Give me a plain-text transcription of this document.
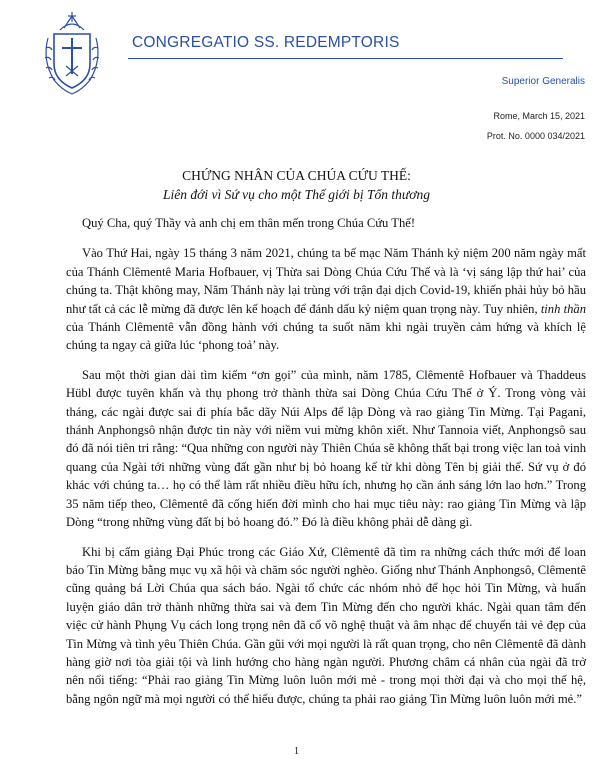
CONGREGATIO SS. REDEMPTORIS
Superior Generalis
Rome, March 15, 2021
Prot. No. 0000 034/2021
CHỨNG NHÂN CỦA CHÚA CỨU THẾ:
Liên đới vì Sứ vụ cho một Thế giới bị Tổn thương

Quý Cha, quý Thầy và anh chị em thân mến trong Chúa Cứu Thế!

Vào Thứ Hai, ngày 15 tháng 3 năm 2021, chúng ta bế mạc Năm Thánh kỷ niệm 200 năm ngày mất của Thánh Clêmentê Maria Hofbauer, vị Thừa sai Dòng Chúa Cứu Thế và là ‘vị sáng lập thứ hai’ của chúng ta. Thật không may, Năm Thánh này lại trùng với trận đại dịch Covid-19, khiến phải hủy bỏ hầu như tất cả các lễ mừng đã được lên kế hoạch để đánh dấu kỷ niệm quan trọng này. Tuy nhiên, tinh thần của Thánh Clêmentê vẫn đồng hành với chúng ta suốt năm khi ngài truyền cảm hứng và khích lệ chúng ta ngay cả giữa lúc ‘phong toả’ này.

Sau một thời gian dài tìm kiếm “ơn gọi” của mình, năm 1785, Clêmentê Hofbauer và Thaddeus Hübl được tuyên khấn và thụ phong trở thành thừa sai Dòng Chúa Cứu Thế ở Ý. Trong vòng vài tháng, các ngài được sai đi phía bắc dãy Núi Alps để lập Dòng và rao giảng Tin Mừng. Tại Pagani, thánh Anphongsô nhận được tin này với niềm vui mừng khôn xiết. Như Tannoia viết, Anphongsô sau đó đã nói tiên tri rằng: “Qua những con người này Thiên Chúa sẽ không thất bại trong việc lan toả vinh quang của Ngài tới những vùng đất gần như bị bỏ hoang kể từ khi dòng Tên bị giải thể. Sứ vụ ở đó khác với chúng ta… họ có thể làm rất nhiều điều hữu ích, nhưng họ cần ánh sáng lớn lao hơn.” Trong 35 năm tiếp theo, Clêmentê đã cống hiến đời mình cho hai mục tiêu này: rao giảng Tin Mừng và lập Dòng “trong những vùng đất bị bỏ hoang đó.” Đó là điều không phải dễ dàng gì.

Khi bị cấm giảng Đại Phúc trong các Giáo Xứ, Clêmentê đã tìm ra những cách thức mới để loan báo Tin Mừng bằng mục vụ xã hội và chăm sóc người nghèo. Giống như Thánh Anphongsô, Clêmentê cũng quảng bá Lời Chúa qua sách báo. Ngài tổ chức các nhóm nhỏ để học hỏi Tin Mừng, và huấn luyện giáo dân trở thành những thừa sai và đem Tin Mừng đến cho người khác. Ngài quan tâm đến việc cử hành Phụng Vụ cách long trọng nên đã cổ võ nghệ thuật và âm nhạc để chuyển tải vẻ đẹp của Tin Mừng và tình yêu Thiên Chúa. Gần gũi với mọi người là rất quan trọng, cho nên Clêmentê đã dành hàng giờ nơi tòa giải tội và linh hướng cho hàng ngàn người. Phương châm cá nhân của ngài đã trở nên nổi tiếng: “Phải rao giảng Tin Mừng luôn luôn mới mẻ - trong mọi thời đại và cho mọi thế hệ, bằng ngôn ngữ mà mọi người có thể hiểu được, chúng ta phải rao giảng Tin Mừng luôn luôn mới mẻ.”

1
